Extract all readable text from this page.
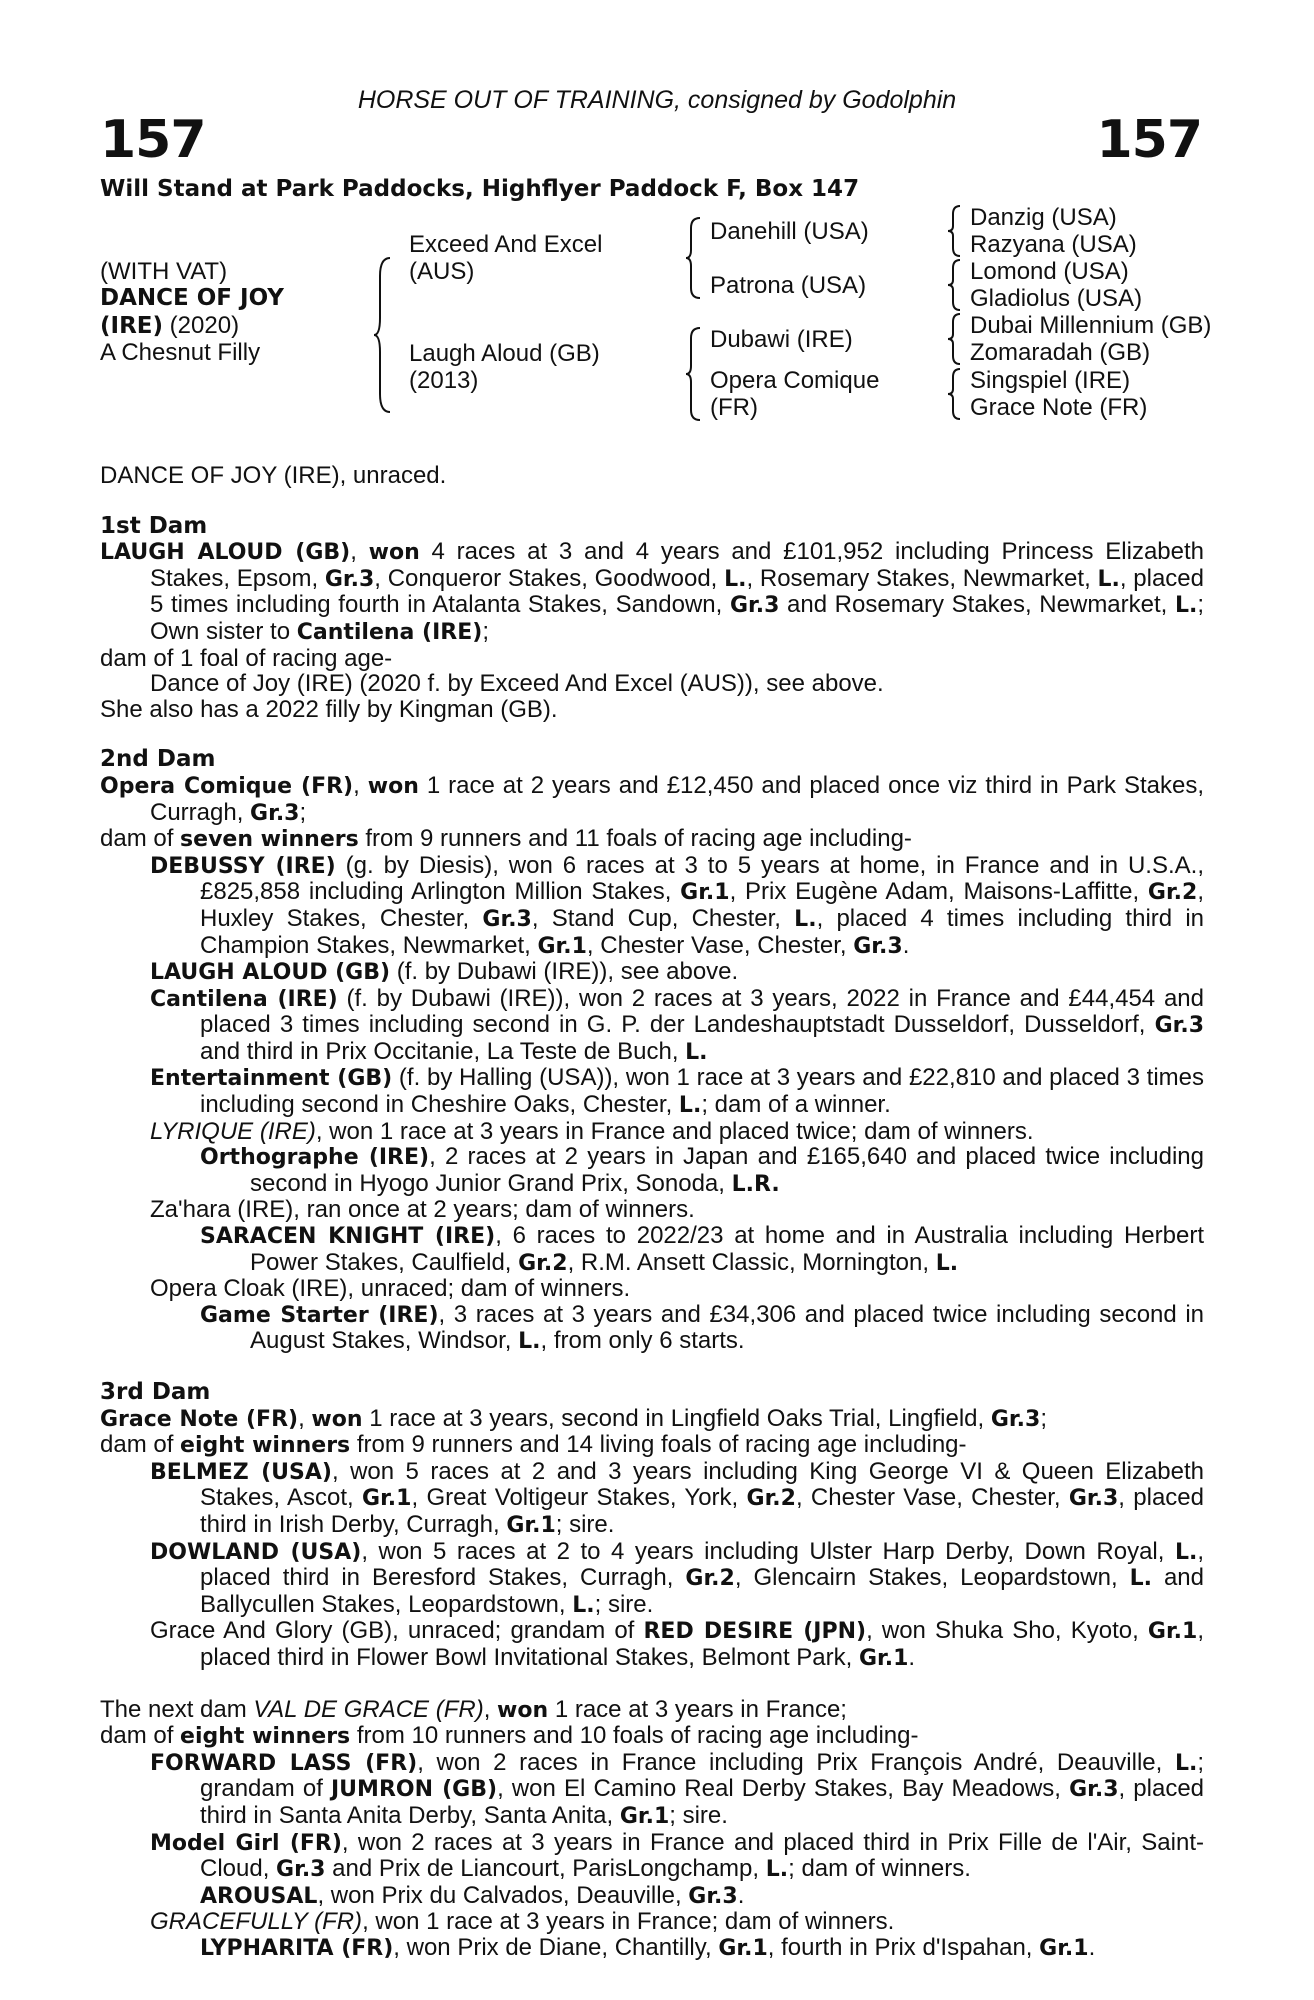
HORSE OUT OF TRAINING, consigned by Godolphin
157	157
Will Stand at Park Paddocks, Highflyer Paddock F, Box 147
(WITH VAT)
DANCE OF JOY
(IRE) (2020)
A Chesnut Filly
Exceed And Excel
(AUS)
Laugh Aloud (GB)
(2013)
Danehill (USA)
Patrona (USA)
Dubawi (IRE)
Opera Comique
(FR)
Danzig (USA)
Razyana (USA)
Lomond (USA)
Gladiolus (USA)
Dubai Millennium (GB)
Zomaradah (GB)
Singspiel (IRE)
Grace Note (FR)

DANCE OF JOY (IRE), unraced.

1st Dam

LAUGH ALOUD (GB), won 4 races at 3 and 4 years and £101,952 including Princess Elizabeth Stakes, Epsom, Gr.3, Conqueror Stakes, Goodwood, L., Rosemary Stakes, Newmarket, L., placed 5 times including fourth in Atalanta Stakes, Sandown, Gr.3 and Rosemary Stakes, Newmarket, L.; Own sister to Cantilena (IRE);

dam of 1 foal of racing age-

Dance of Joy (IRE) (2020 f. by Exceed And Excel (AUS)), see above.

She also has a 2022 filly by Kingman (GB).

2nd Dam

Opera Comique (FR), won 1 race at 2 years and £12,450 and placed once viz third in Park Stakes, Curragh, Gr.3;

dam of seven winners from 9 runners and 11 foals of racing age including-

DEBUSSY (IRE) (g. by Diesis), won 6 races at 3 to 5 years at home, in France and in U.S.A., £825,858 including Arlington Million Stakes, Gr.1, Prix Eugène Adam, Maisons-Laffitte, Gr.2, Huxley Stakes, Chester, Gr.3, Stand Cup, Chester, L., placed 4 times including third in Champion Stakes, Newmarket, Gr.1, Chester Vase, Chester, Gr.3.

LAUGH ALOUD (GB) (f. by Dubawi (IRE)), see above.

Cantilena (IRE) (f. by Dubawi (IRE)), won 2 races at 3 years, 2022 in France and £44,454 and placed 3 times including second in G. P. der Landeshauptstadt Dusseldorf, Dusseldorf, Gr.3 and third in Prix Occitanie, La Teste de Buch, L.

Entertainment (GB) (f. by Halling (USA)), won 1 race at 3 years and £22,810 and placed 3 times including second in Cheshire Oaks, Chester, L.; dam of a winner.

LYRIQUE (IRE), won 1 race at 3 years in France and placed twice; dam of winners.

Orthographe (IRE), 2 races at 2 years in Japan and £165,640 and placed twice including second in Hyogo Junior Grand Prix, Sonoda, L.R.

Za'hara (IRE), ran once at 2 years; dam of winners.

SARACEN KNIGHT (IRE), 6 races to 2022/23 at home and in Australia including Herbert Power Stakes, Caulfield, Gr.2, R.M. Ansett Classic, Mornington, L.

Opera Cloak (IRE), unraced; dam of winners.

Game Starter (IRE), 3 races at 3 years and £34,306 and placed twice including second in August Stakes, Windsor, L., from only 6 starts.

3rd Dam

Grace Note (FR), won 1 race at 3 years, second in Lingfield Oaks Trial, Lingfield, Gr.3;

dam of eight winners from 9 runners and 14 living foals of racing age including-

BELMEZ (USA), won 5 races at 2 and 3 years including King George VI & Queen Elizabeth Stakes, Ascot, Gr.1, Great Voltigeur Stakes, York, Gr.2, Chester Vase, Chester, Gr.3, placed third in Irish Derby, Curragh, Gr.1; sire.

DOWLAND (USA), won 5 races at 2 to 4 years including Ulster Harp Derby, Down Royal, L., placed third in Beresford Stakes, Curragh, Gr.2, Glencairn Stakes, Leopardstown, L. and Ballycullen Stakes, Leopardstown, L.; sire.

Grace And Glory (GB), unraced; grandam of RED DESIRE (JPN), won Shuka Sho, Kyoto, Gr.1, placed third in Flower Bowl Invitational Stakes, Belmont Park, Gr.1.

The next dam VAL DE GRACE (FR), won 1 race at 3 years in France;

dam of eight winners from 10 runners and 10 foals of racing age including-

FORWARD LASS (FR), won 2 races in France including Prix François André, Deauville, L.; grandam of JUMRON (GB), won El Camino Real Derby Stakes, Bay Meadows, Gr.3, placed third in Santa Anita Derby, Santa Anita, Gr.1; sire.

Model Girl (FR), won 2 races at 3 years in France and placed third in Prix Fille de l'Air, Saint-Cloud, Gr.3 and Prix de Liancourt, ParisLongchamp, L.; dam of winners.

AROUSAL, won Prix du Calvados, Deauville, Gr.3.

GRACEFULLY (FR), won 1 race at 3 years in France; dam of winners.

LYPHARITA (FR), won Prix de Diane, Chantilly, Gr.1, fourth in Prix d'Ispahan, Gr.1.
